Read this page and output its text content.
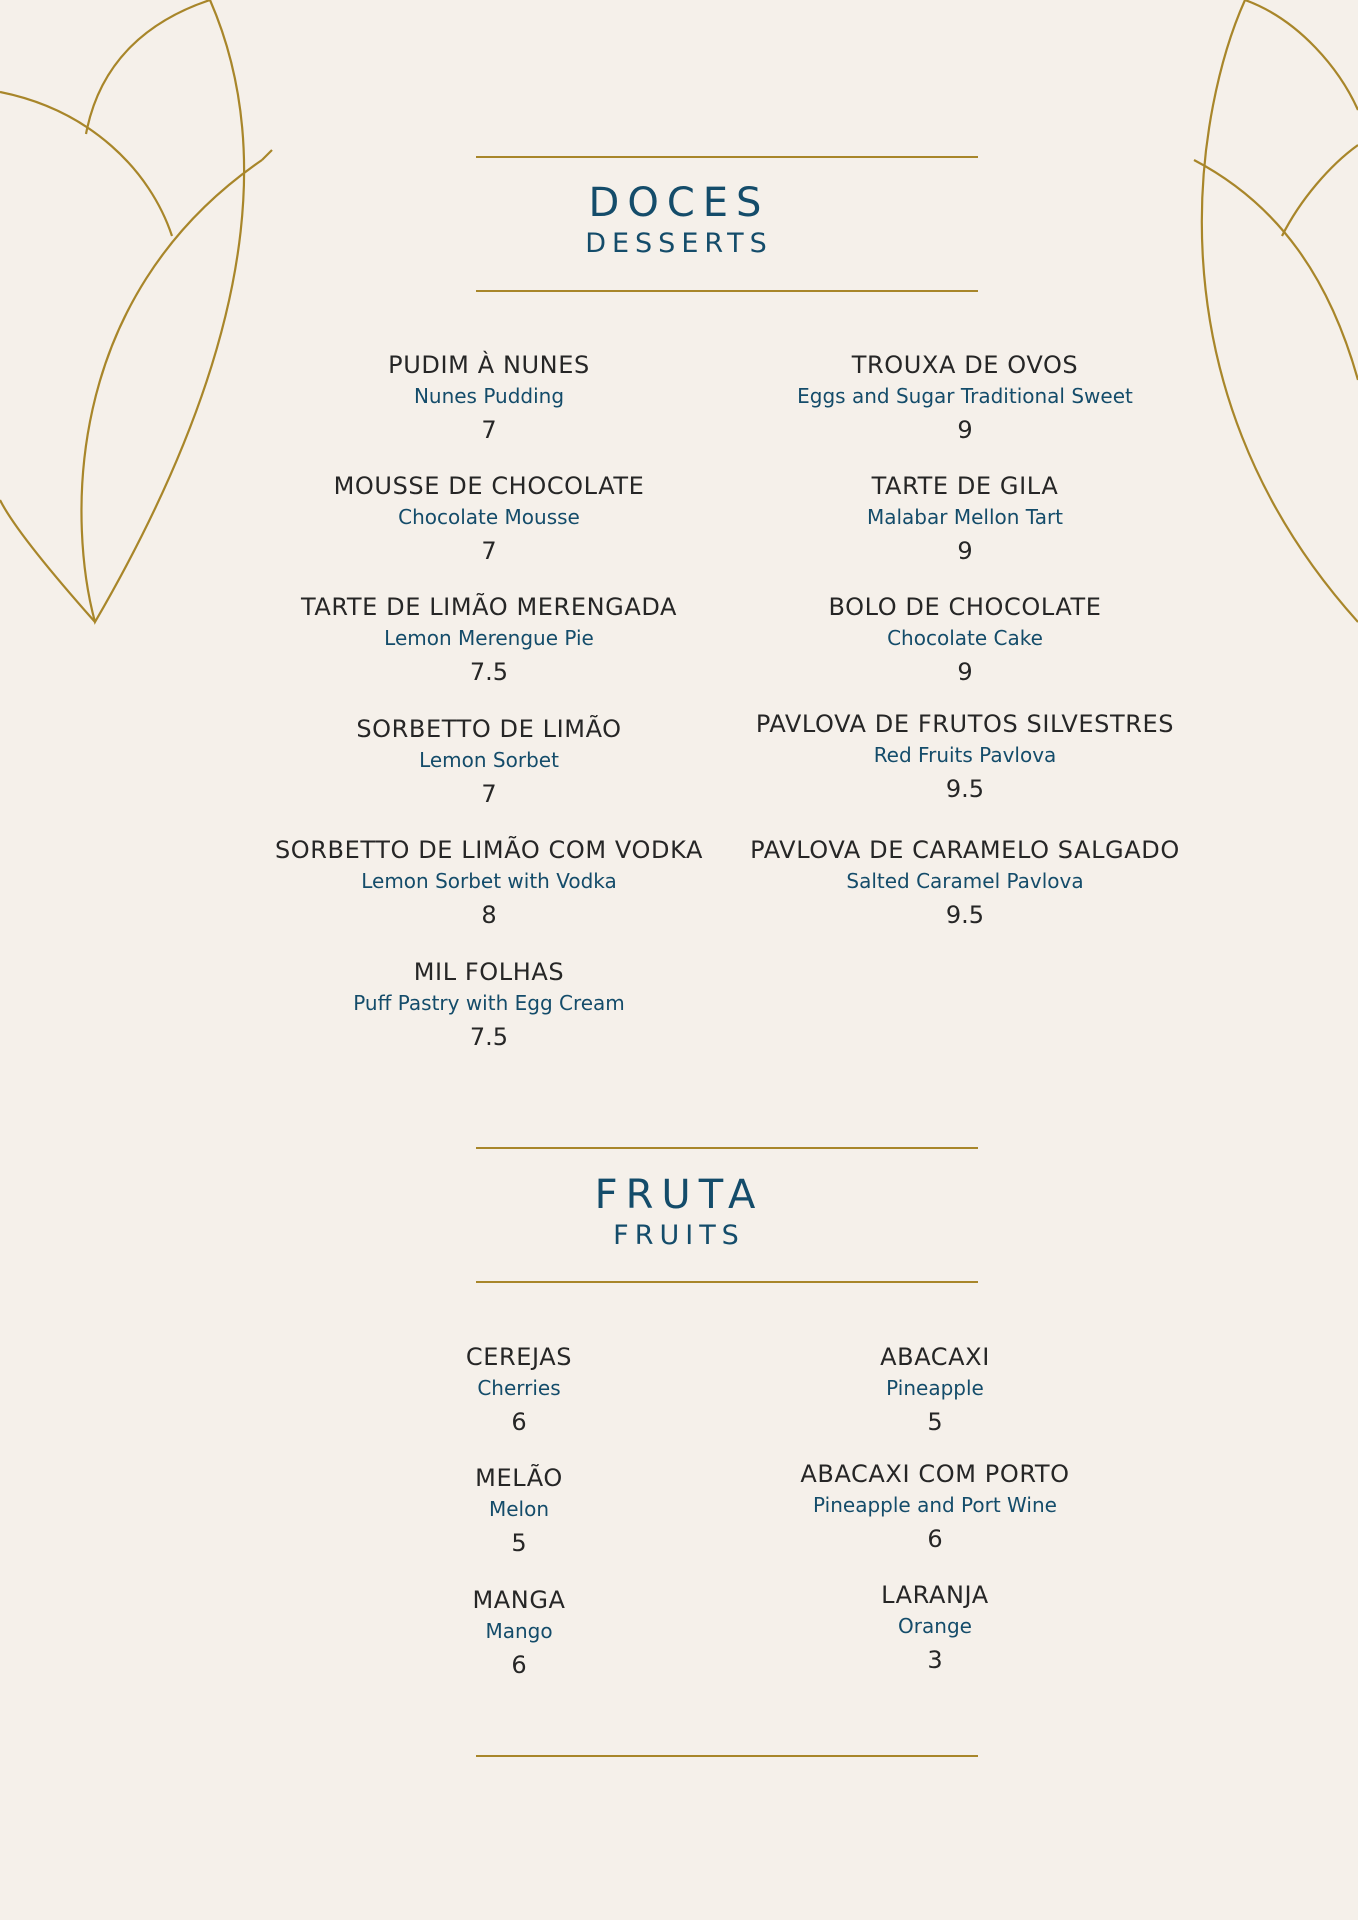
DOCES
DESSERTS
PUDIM À NUNES
Nunes Pudding
7
MOUSSE DE CHOCOLATE
Chocolate Mousse
7
TARTE DE LIMÃO MERENGADA
Lemon Merengue Pie
7.5
SORBETTO DE LIMÃO
Lemon Sorbet
7
SORBETTO DE LIMÃO COM VODKA
Lemon Sorbet with Vodka
8
MIL FOLHAS
Puff Pastry with Egg Cream
7.5
TROUXA DE OVOS
Eggs and Sugar Traditional Sweet
9
TARTE DE GILA
Malabar Mellon Tart
9
BOLO DE CHOCOLATE
Chocolate Cake
9
PAVLOVA DE FRUTOS SILVESTRES
Red Fruits Pavlova
9.5
PAVLOVA DE CARAMELO SALGADO
Salted Caramel Pavlova
9.5
FRUTA
FRUITS
CEREJAS
Cherries
6
MELÃO
Melon
5
MANGA
Mango
6
ABACAXI
Pineapple
5
ABACAXI COM PORTO
Pineapple and Port Wine
6
LARANJA
Orange
3
